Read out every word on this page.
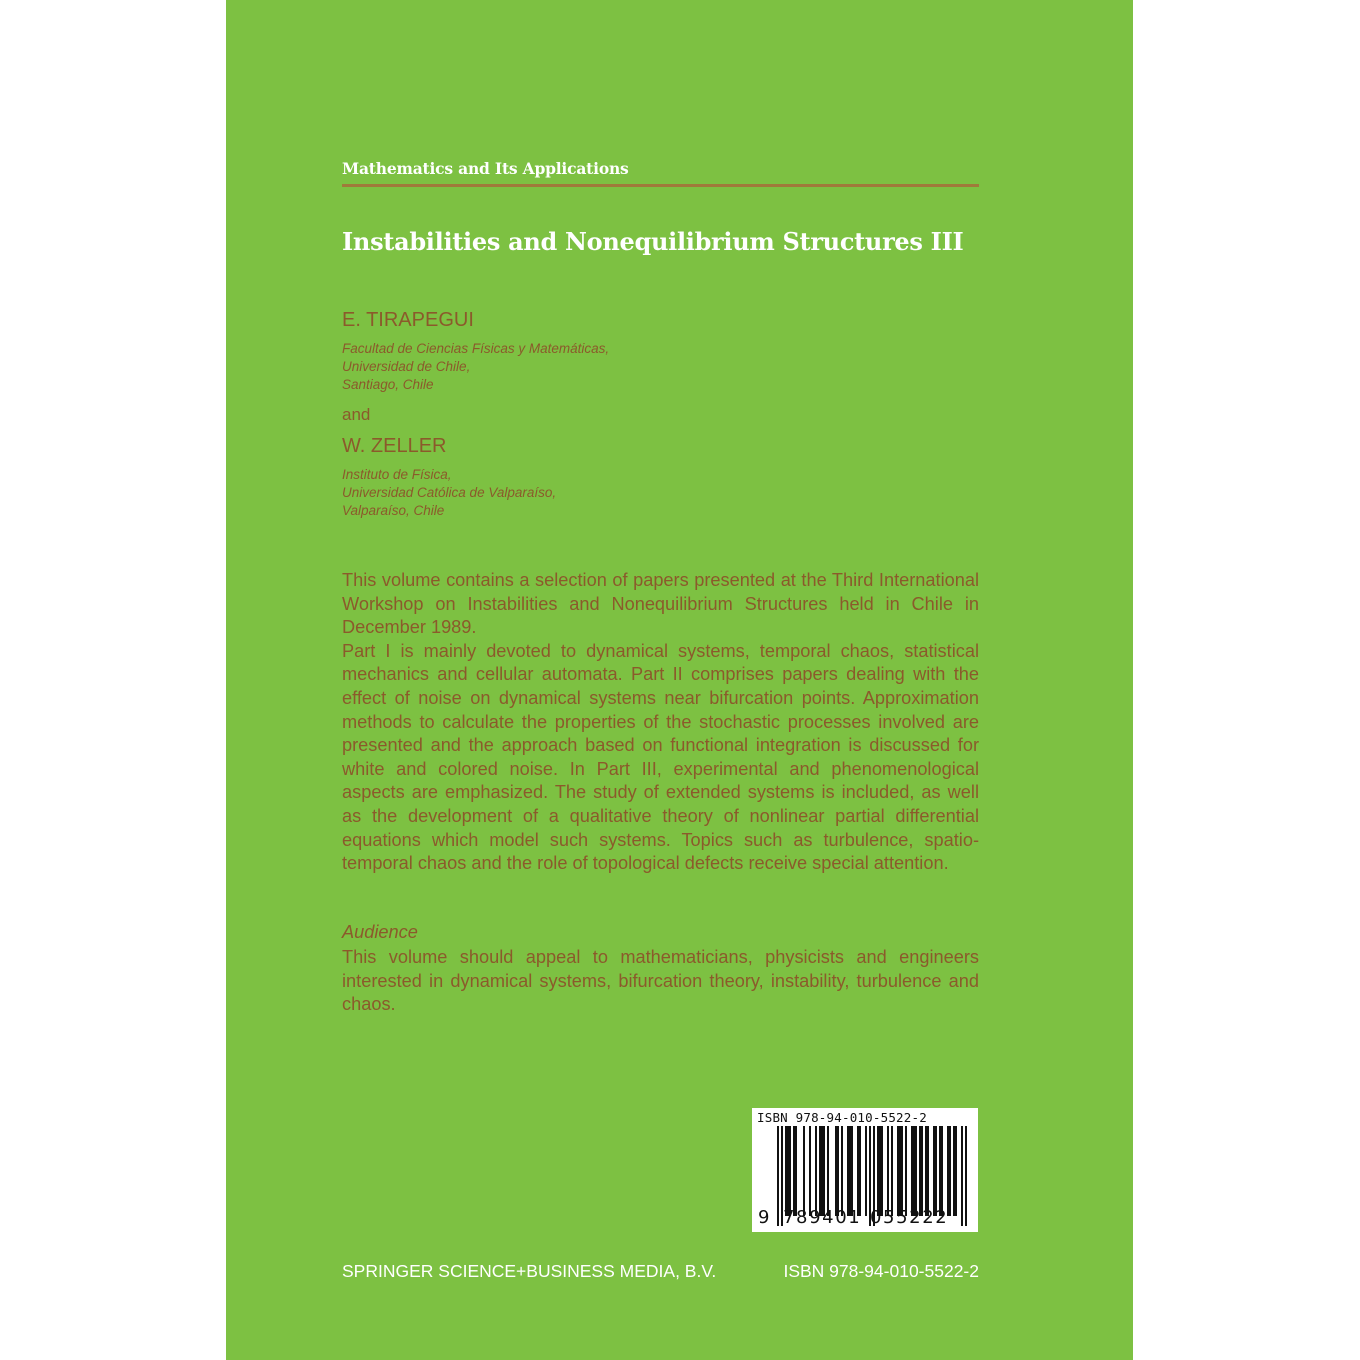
Mathematics and Its Applications
Instabilities and Nonequilibrium Structures III
E. TIRAPEGUI
Facultad de Ciencias Físicas y Matemáticas,
Universidad de Chile,
Santiago, Chile
and
W. ZELLER
Instituto de Física,
Universidad Católica de Valparaíso,
Valparaíso, Chile

This volume contains a selection of papers presented at the Third International Workshop on Instabilities and Nonequilibrium Structures held in Chile in December 1989.

Part I is mainly devoted to dynamical systems, temporal chaos, statistical mechanics and cellular automata. Part II comprises papers dealing with the effect of noise on dynamical systems near bifurcation points. Approximation methods to calculate the properties of the stochastic processes involved are presented and the approach based on functional integration is discussed for white and colored noise. In Part III, experimental and phenomenological aspects are emphasized. The study of extended systems is included, as well as the development of a qualitative theory of nonlinear partial differential equations which model such systems. Topics such as turbulence, spatio-temporal chaos and the role of topological defects receive special attention.

Audience

This volume should appeal to mathematicians, physicists and engineers interested in dynamical systems, bifurcation theory, instability, turbulence and chaos.

ISBN 978-94-010-5522-2
9 789401 055222
SPRINGER SCIENCE+BUSINESS MEDIA, B.V.	ISBN 978-94-010-5522-2
